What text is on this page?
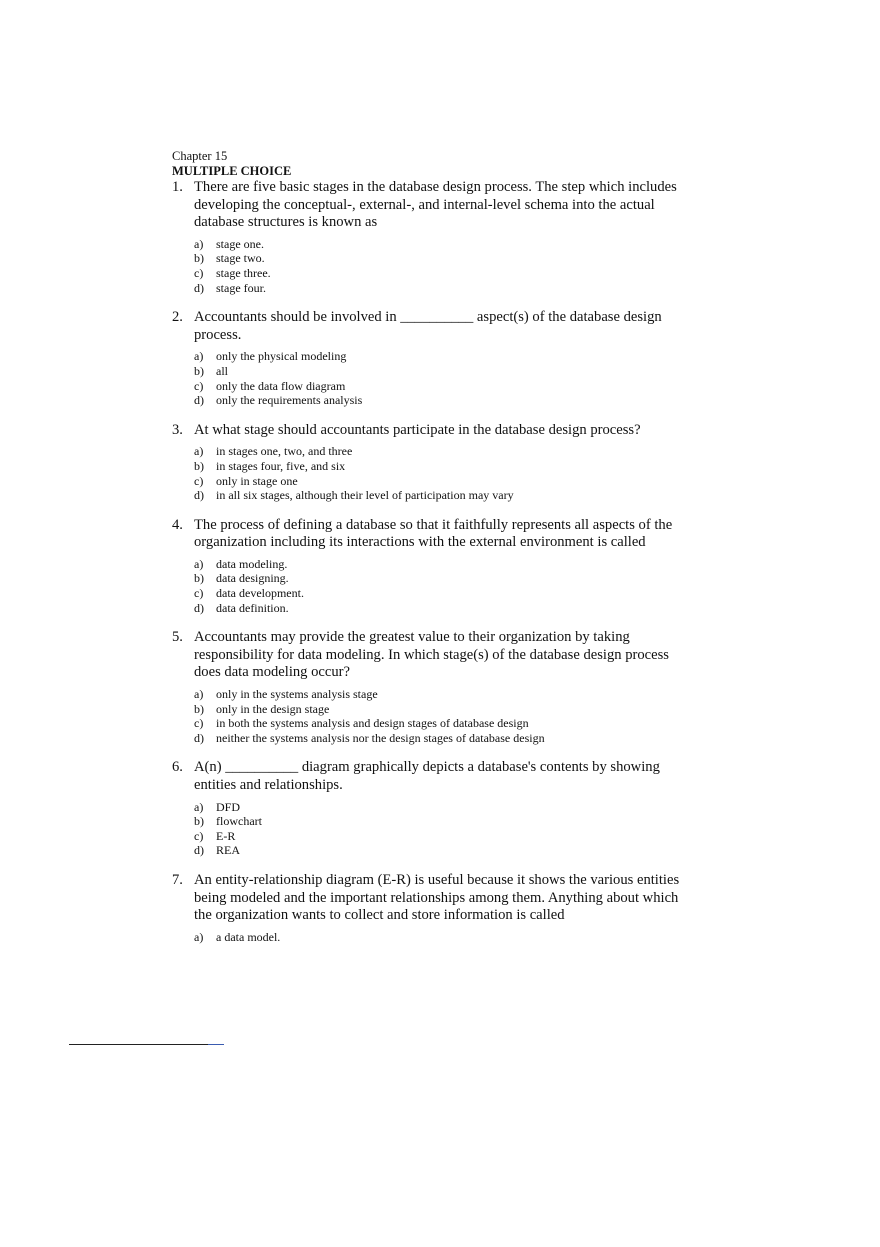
Chapter 15
MULTIPLE CHOICE
1. There are five basic stages in the database design process. The step which includes
developing the conceptual-, external-, and internal-level schema into the actual
database structures is known as
a)	stage one.
b)	stage two.
c)	stage three.
d)	stage four.
2. Accountants should be involved in __________ aspect(s) of the database design
process.
a)	only the physical modeling
b)	all
c)	only the data flow diagram
d)	only the requirements analysis
3. At what stage should accountants participate in the database design process?
a)	in stages one, two, and three
b)	in stages four, five, and six
c)	only in stage one
d)	in all six stages, although their level of participation may vary
4. The process of defining a database so that it faithfully represents all aspects of the
organization including its interactions with the external environment is called
a)	data modeling.
b)	data designing.
c)	data development.
d)	data definition.
5. Accountants may provide the greatest value to their organization by taking
responsibility for data modeling. In which stage(s) of the database design process
does data modeling occur?
a)	only in the systems analysis stage
b)	only in the design stage
c)	in both the systems analysis and design stages of database design
d)	neither the systems analysis nor the design stages of database design
6. A(n) __________ diagram graphically depicts a database's contents by showing
entities and relationships.
a)	DFD
b)	flowchart
c)	E-R
d)	REA
7. An entity-relationship diagram (E-R) is useful because it shows the various entities
being modeled and the important relationships among them. Anything about which
the organization wants to collect and store information is called
a)	a data model.
